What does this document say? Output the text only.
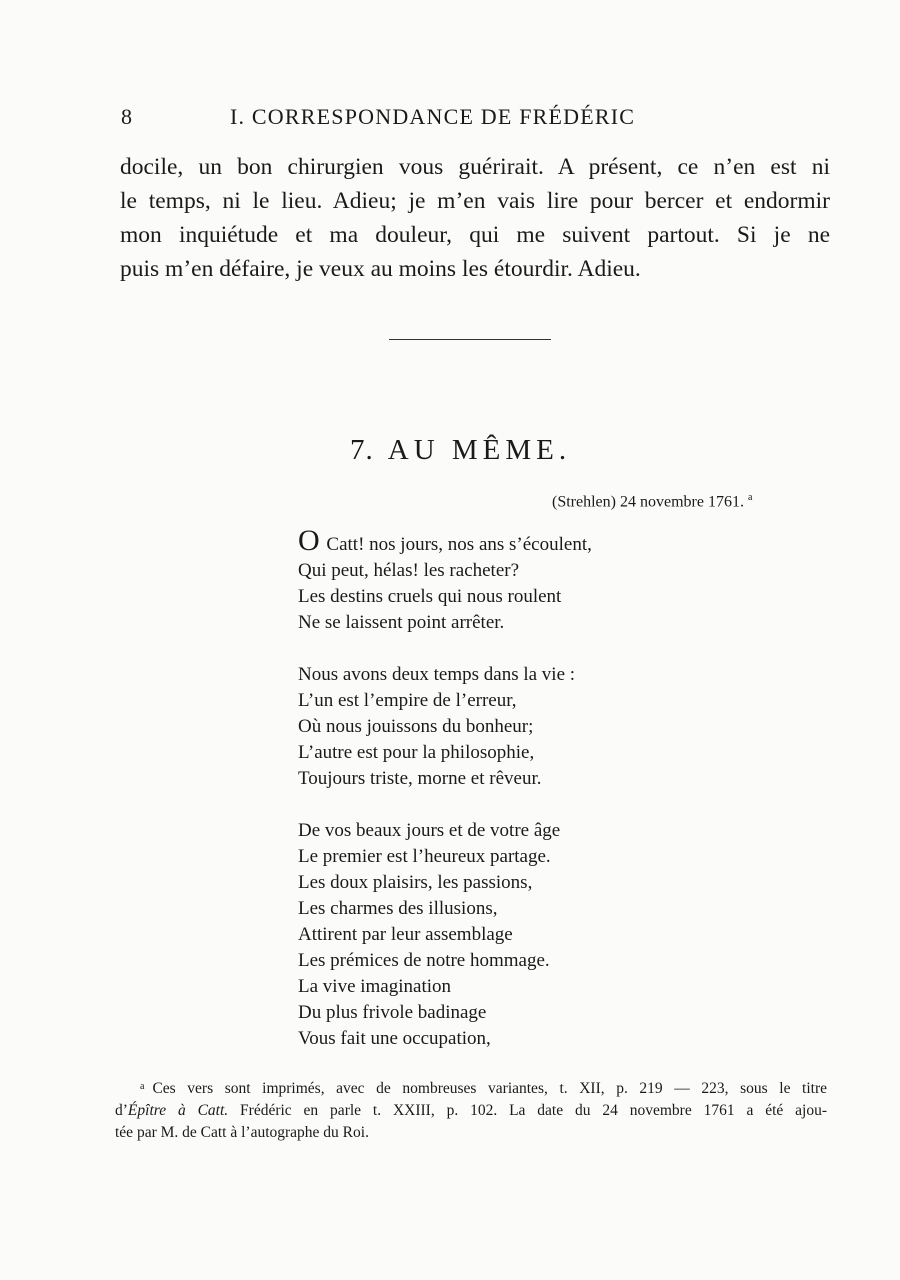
8	I. CORRESPONDANCE DE FRÉDÉRIC
docile, un bon chirurgien vous guérirait. A présent, ce n’en est ni
le temps, ni le lieu. Adieu; je m’en vais lire pour bercer et endormir
mon inquiétude et ma douleur, qui me suivent partout. Si je ne
puis m’en défaire, je veux au moins les étourdir. Adieu.
7. AU MÊME.
(Strehlen) 24 novembre 1761. $^a$
O Catt! nos jours, nos ans s’écoulent,
Qui peut, hélas! les racheter?
Les destins cruels qui nous roulent
Ne se laissent point arrêter.
Nous avons deux temps dans la vie :
L’un est l’empire de l’erreur,
Où nous jouissons du bonheur;
L’autre est pour la philosophie,
Toujours triste, morne et rêveur.
De vos beaux jours et de votre âge
Le premier est l’heureux partage.
Les doux plaisirs, les passions,
Les charmes des illusions,
Attirent par leur assemblage
Les prémices de notre hommage.
La vive imagination
Du plus frivole badinage
Vous fait une occupation,
$^a$ Ces vers sont imprimés, avec de nombreuses variantes, t. XII, p. 219 — 223, sous le titre
d’Épître à Catt. Frédéric en parle t. XXIII, p. 102. La date du 24 novembre 1761 a été ajou-
tée par M. de Catt à l’autographe du Roi.
